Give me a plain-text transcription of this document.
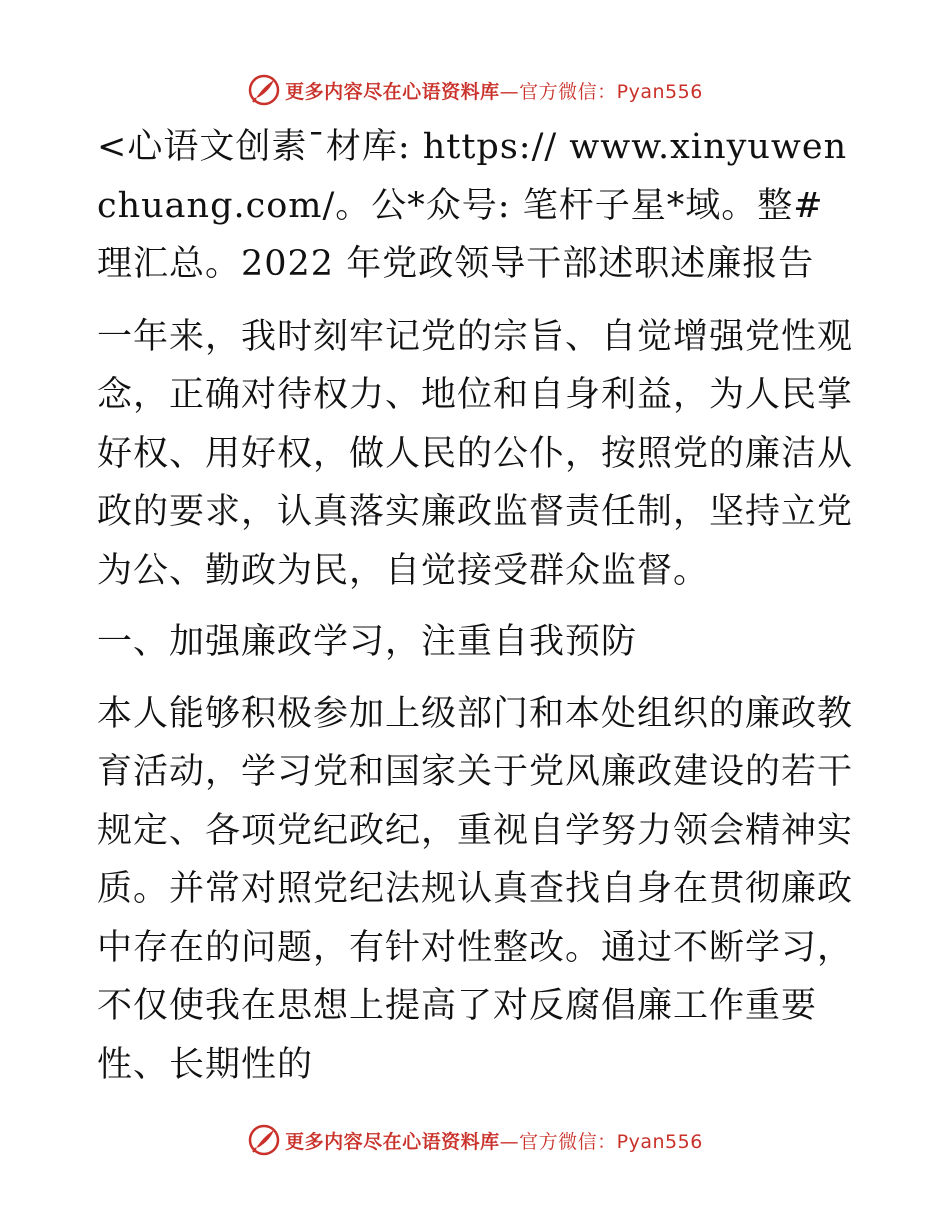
更多内容尽在心语资料库—官方微信：Pyan556

<心语文创素¯材库: https:// www.xinyuwenchuang.com/。公*众号: 笔杆子星*域。整#理汇总。2022 年党政领导干部述职述廉报告

一年来，我时刻牢记党的宗旨、自觉增强党性观念，正确对待权力、地位和自身利益，为人民掌好权、用好权，做人民的公仆，按照党的廉洁从政的要求，认真落实廉政监督责任制，坚持立党为公、勤政为民，自觉接受群众监督。

一、加强廉政学习，注重自我预防

本人能够积极参加上级部门和本处组织的廉政教育活动，学习党和国家关于党风廉政建设的若干规定、各项党纪政纪，重视自学努力领会精神实质。并常对照党纪法规认真查找自身在贯彻廉政中存在的问题，有针对性整改。通过不断学习，不仅使我在思想上提高了对反腐倡廉工作重要性、长期性的

更多内容尽在心语资料库—官方微信：Pyan556
